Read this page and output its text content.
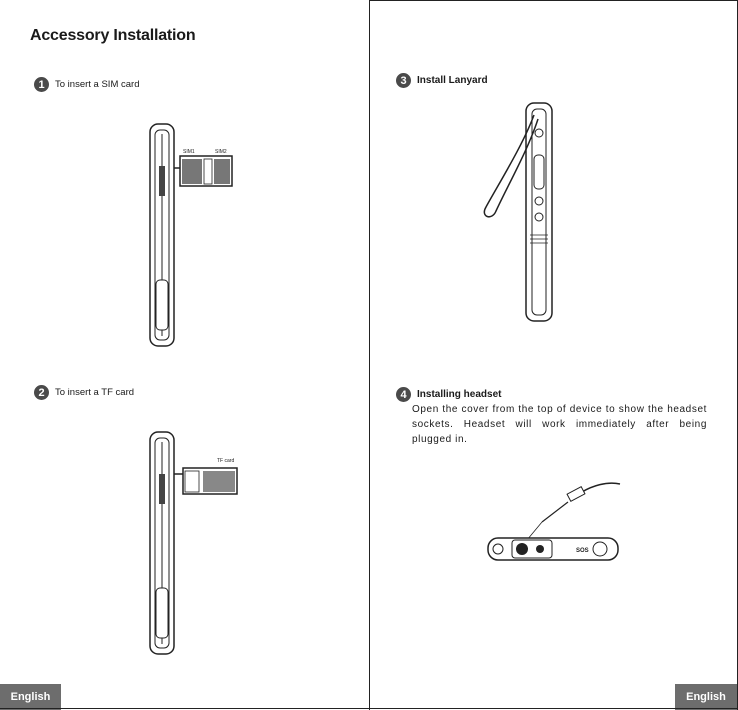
Accessory Installation
1	To insert a SIM card
SIM1	SIM2
2	To insert a TF card
TF card
English
3	Install Lanyard
4	Installing headset
Open the cover from the top of device to show the headset sockets. Headset will work immediately after being plugged in.
SOS
English
